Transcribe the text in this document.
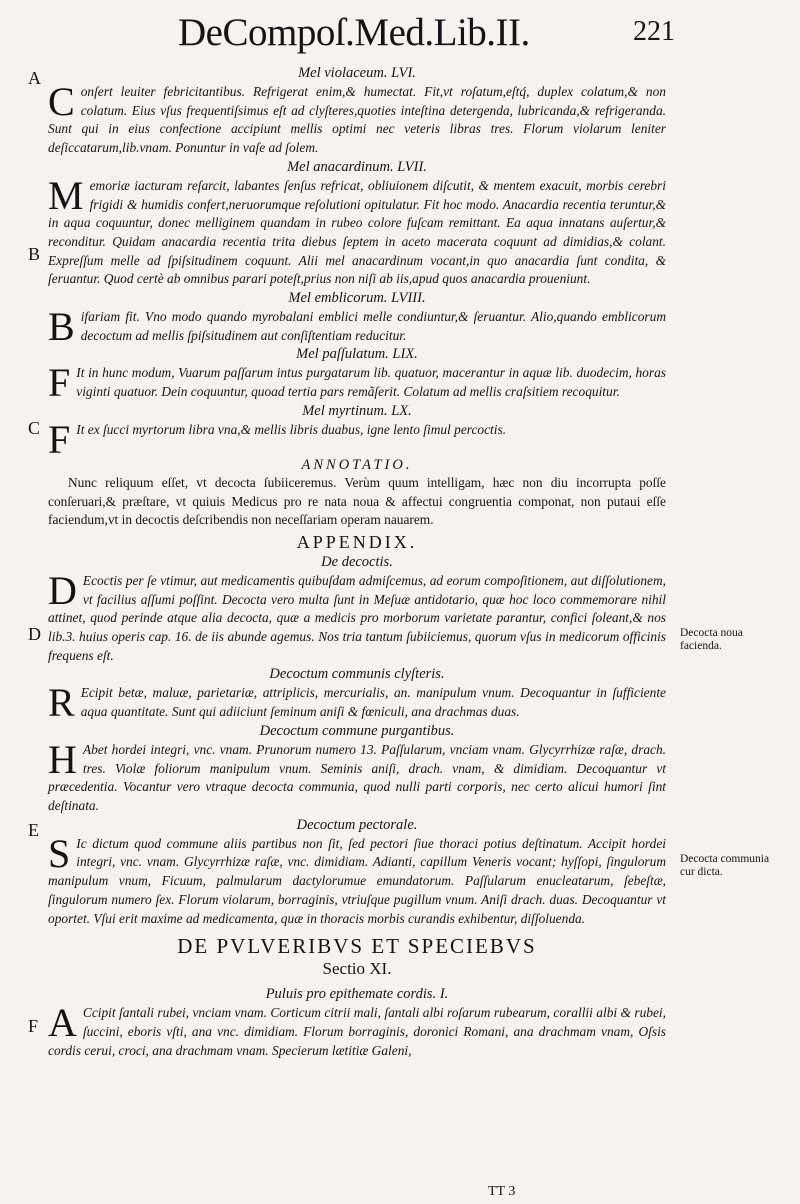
DeCompoſ.Med.Lib.II.	221
A
B
C
D
E
F
Decocta noua facienda.
Decocta communia cur dicta.

Mel violaceum. LVI.

Conſert leuiter febricitantibus. Refrigerat enim,& humectat. Fit,vt roſatum,eſtq́, duplex colatum,& non colatum. Eius vſus frequentiſsimus eſt ad clyſteres,quoties inteſtina detergenda, lubricanda,& refrigeranda. Sunt qui in eius confectione accipiunt mellis optimi nec veteris libras tres. Florum violarum leniter deſiccatarum,lib.vnam. Ponuntur in vaſe ad ſolem.

Mel anacardinum. LVII.

Memoriæ iacturam reſarcit, labantes ſenſus refricat, obliuionem diſcutit, & mentem exacuit, morbis cerebri frigidi & humidis confert,neruorumque reſolutioni opitulatur. Fit hoc modo. Anacardia recentia teruntur,& in aqua coquuntur, donec melliginem quandam in rubeo colore fuſcam remittant. Ea aqua innatans auſertur,& reconditur. Quidam anacardia recentia trita diebus ſeptem in aceto macerata coquunt ad dimidias,& colant. Expreſſum melle ad ſpiſsitudinem coquunt. Alii mel anacardinum vocant,in quo anacardia ſunt condita, & ſeruantur. Quod certè ab omnibus parari poteſt,prius non niſi ab iis,apud quos anacardia proueniunt.

Mel emblicorum. LVIII.

Bifariam fit. Vno modo quando myrobalani emblici melle condiuntur,& ſeruantur. Alio,quando emblicorum decoctum ad mellis ſpiſsitudinem aut conſiſtentiam reducitur.

Mel paſſulatum. LIX.

F It in hunc modum, Vuarum paſſarum intus purgatarum lib. quatuor, macerantur in aquæ lib. duodecim, horas viginti quatuor. Dein coquuntur, quoad tertia pars remãſerit. Colatum ad mellis craſsitiem recoquitur.

Mel myrtinum. LX.

F It ex ſucci myrtorum libra vna,& mellis libris duabus, igne lento ſimul percoctis.

ANNOTATIO.

Nunc reliquum eſſet, vt decocta ſubiiceremus. Verùm quum intelligam, hæc non diu incorrupta poſſe conſeruari,& præſtare, vt quiuis Medicus pro re nata noua & affectui congruentia componat, non putaui eſſe faciendum,vt in decoctis deſcribendis non neceſſariam operam nauarem.

APPENDIX.

De decoctis.

D Ecoctis per ſe vtimur, aut medicamentis quibuſdam admiſcemus, ad eorum compoſitionem, aut diſſolutionem, vt facilius aſſumi poſſint. Decocta vero multa ſunt in Meſuæ antidotario, quæ hoc loco commemorare nihil attinet, quod perinde atque alia decocta, quæ a medicis pro morborum varietate parantur, confici ſoleant,& nos lib.3. huius operis cap. 16. de iis abunde agemus. Nos tria tantum ſubiiciemus, quorum vſus in medicorum officinis frequens eſt.

Decoctum communis clyſteris.

R Ecipit betæ, maluæ, parietariæ, attriplicis, mercurialis, an. manipulum vnum. Decoquantur in ſufficiente aqua quantitate. Sunt qui adiiciunt ſeminum aniſi & fœniculi, ana drachmas duas.

Decoctum commune purgantibus.

H Abet hordei integri, vnc. vnam. Prunorum numero 13. Paſſularum, vnciam vnam. Glycyrrhizæ raſæ, drach. tres. Violæ foliorum manipulum vnum. Seminis aniſi, drach. vnam, & dimidiam. Decoquantur vt præcedentia. Vocantur vero vtraque decocta communia, quod nulli parti corporis, nec certo alicui humori ſint deſtinata.

Decoctum pectorale.

S Ic dictum quod commune aliis partibus non ſit, ſed pectori ſiue thoraci potius deſtinatum. Accipit hordei integri, vnc. vnam. Glycyrrhizæ raſæ, vnc. dimidiam. Adianti, capillum Veneris vocant; hyſſopi, ſingulorum manipulum vnum, Ficuum, palmularum dactylorumue emundatorum. Paſſularum enucleatarum, ſebeſtæ, ſingulorum numero ſex. Florum violarum, borraginis, vtriuſque pugillum vnum. Aniſi drach. duas. Decoquantur vt oportet. Vſui erit maxime ad medicamenta, quæ in thoracis morbis curandis exhibentur, diſſoluenda.

DE PVLVERIBVS ET SPECIEBVS

Sectio XI.

Puluis pro epithemate cordis. I.

A Ccipit ſantali rubei, vnciam vnam. Corticum citrii mali, ſantali albi roſarum rubearum, corallii albi & rubei, ſuccini, eboris vſti, ana vnc. dimidiam. Florum borraginis, doronici Romani, ana drachmam vnam, Oſsis cordis cerui, croci, ana drachmam vnam. Specierum lætitiæ Galeni,

TT 3
